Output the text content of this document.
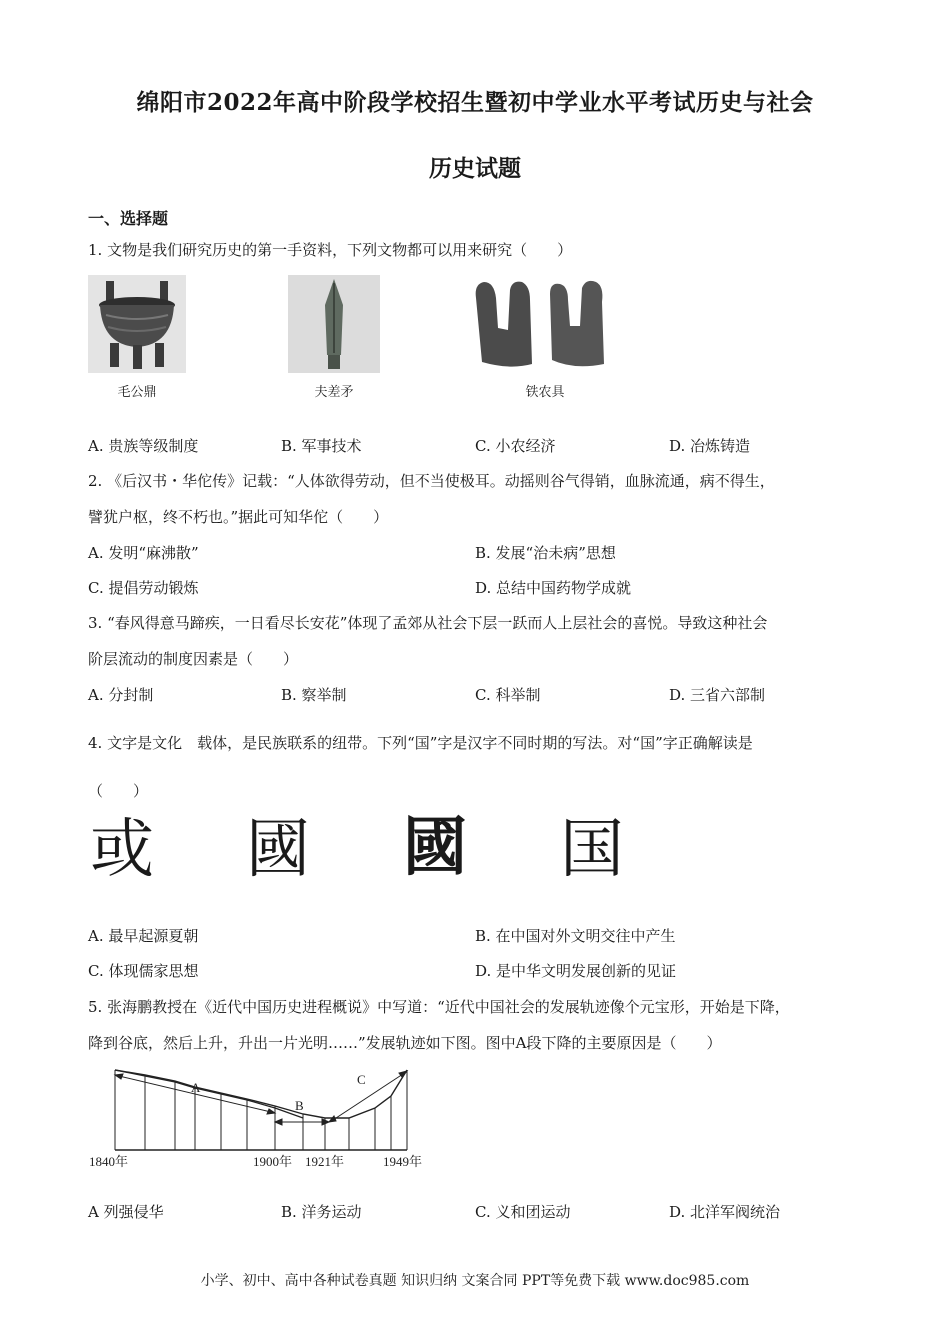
绵阳市2022年高中阶段学校招生暨初中学业水平考试历史与社会
历史试题
一、选择题
1. 文物是我们研究历史的第一手资料，下列文物都可以用来研究（　　）
毛公鼎	夫差矛	铁农具
A. 贵族等级制度	B. 军事技术	C. 小农经济	D. 冶炼铸造
2. 《后汉书・华佗传》记载：“人体欲得劳动，但不当使极耳。动摇则谷气得销，血脉流通，病不得生，
譬犹户枢，终不朽也。”据此可知华佗（　　）
A. 发明“麻沸散”	B. 发展“治未病”思想
C. 提倡劳动锻炼	D. 总结中国药物学成就
3. “春风得意马蹄疾，一日看尽长安花”体现了孟郊从社会下层一跃而人上层社会的喜悦。导致这种社会
阶层流动的制度因素是（　　）
A. 分封制	B. 察举制	C. 科举制	D. 三省六部制
4. 文字是文化　载体，是民族联系的纽带。下列“国”字是汉字不同时期的写法。对“国”字正确解读是
（　　）
或 國 國 国
A. 最早起源夏朝	B. 在中国对外文明交往中产生
C. 体现儒家思想	D. 是中华文明发展创新的见证
5. 张海鹏教授在《近代中国历史进程概说》中写道：“近代中国社会的发展轨迹像个元宝形，开始是下降，
降到谷底，然后上升，升出一片光明……”发展轨迹如下图。图中A段下降的主要原因是（　　）
A
B
C
1840年	1900年 1921年	1949年
A 列强侵华	B. 洋务运动	C. 义和团运动	D. 北洋军阀统治
小学、初中、高中各种试卷真题 知识归纳 文案合同 PPT等免费下载 www.doc985.com
